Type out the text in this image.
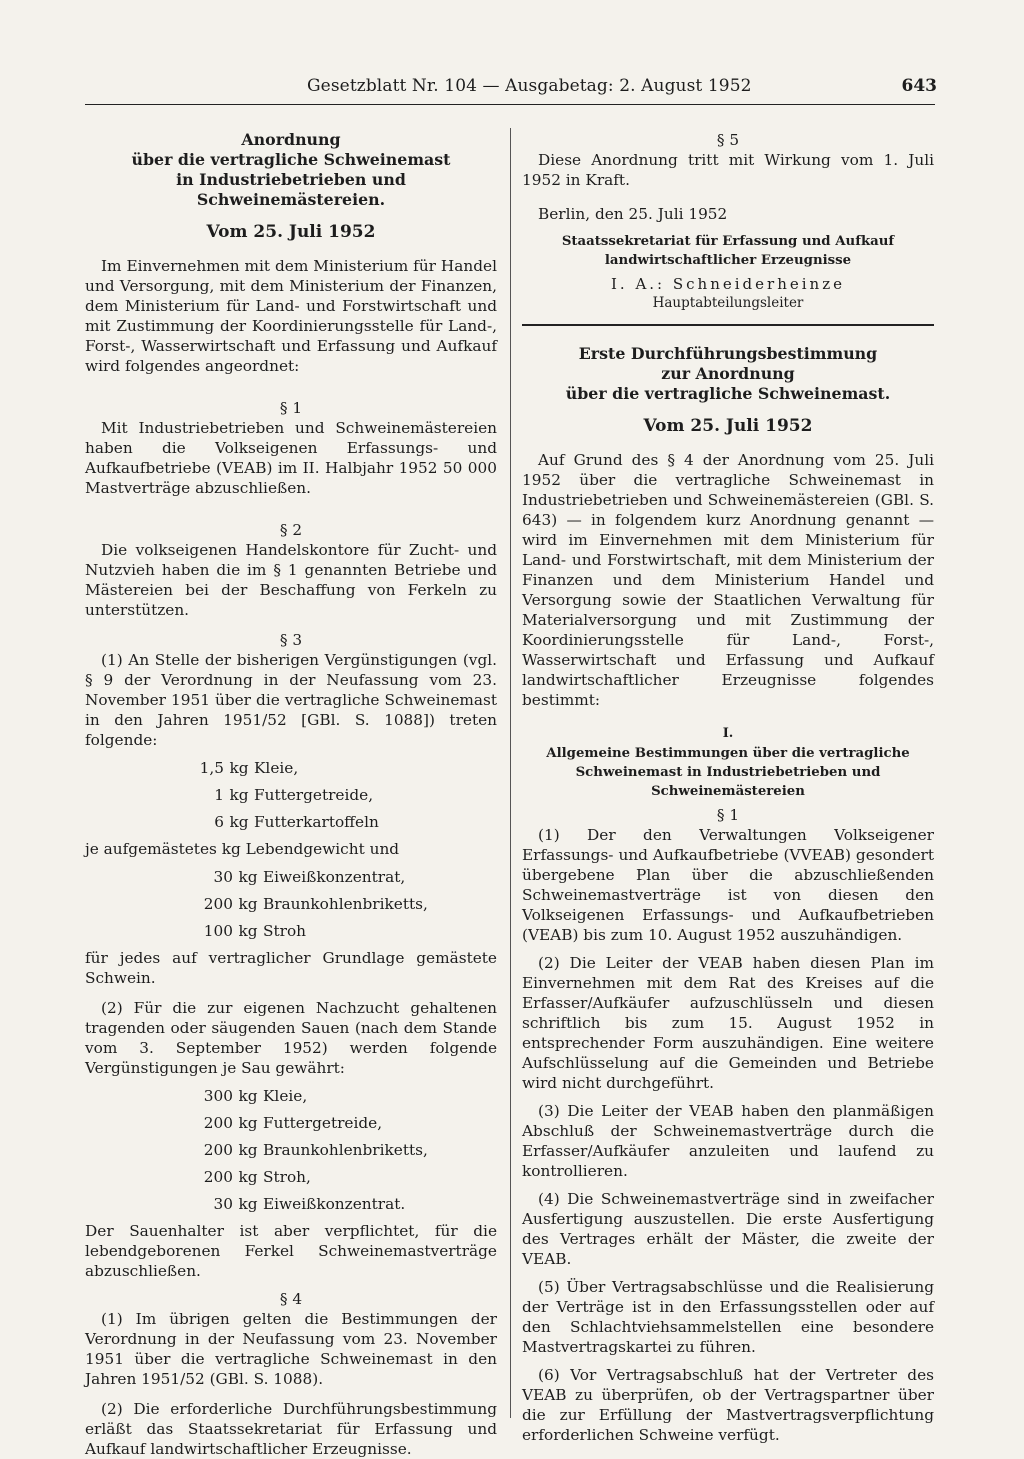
Gesetzblatt Nr. 104 — Ausgabetag: 2. August 1952	643
Anordnung
über die vertragliche Schweinemast
in Industriebetrieben und Schweinemästereien.
Vom 25. Juli 1952

Im Einvernehmen mit dem Ministerium für Handel und Versorgung, mit dem Ministerium der Finanzen, dem Ministerium für Land- und Forstwirtschaft und mit Zustimmung der Koordinierungsstelle für Land-, Forst-, Wasserwirtschaft und Erfassung und Aufkauf wird folgendes angeordnet:

§ 1

Mit Industriebetrieben und Schweinemästereien haben die Volkseigenen Erfassungs- und Aufkaufbetriebe (VEAB) im II. Halbjahr 1952 50 000 Mastverträge abzuschließen.

§ 2

Die volkseigenen Handelskontore für Zucht- und Nutzvieh haben die im § 1 genannten Betriebe und Mästereien bei der Beschaffung von Ferkeln zu unterstützen.

§ 3

(1) An Stelle der bisherigen Vergünstigungen (vgl. § 9 der Verordnung in der Neufassung vom 23. November 1951 über die vertragliche Schweinemast in den Jahren 1951/52 [GBl. S. 1088]) treten folgende:

1,5 kg Kleie,
1 kg Futtergetreide,
6 kg Futterkartoffeln

je aufgemästetes kg Lebendgewicht und

30 kg Eiweißkonzentrat,
200 kg Braunkohlenbriketts,
100 kg Stroh

für jedes auf vertraglicher Grundlage gemästete Schwein.

(2) Für die zur eigenen Nachzucht gehaltenen tragenden oder säugenden Sauen (nach dem Stande vom 3. September 1952) werden folgende Vergünstigungen je Sau gewährt:

300 kg Kleie,
200 kg Futtergetreide,
200 kg Braunkohlenbriketts,
200 kg Stroh,
30 kg Eiweißkonzentrat.

Der Sauenhalter ist aber verpflichtet, für die lebendgeborenen Ferkel Schweinemastverträge abzuschließen.

§ 4

(1) Im übrigen gelten die Bestimmungen der Verordnung in der Neufassung vom 23. November 1951 über die vertragliche Schweinemast in den Jahren 1951/52 (GBl. S. 1088).

(2) Die erforderliche Durchführungsbestimmung erläßt das Staatssekretariat für Erfassung und Aufkauf landwirtschaftlicher Erzeugnisse.

§ 5

Diese Anordnung tritt mit Wirkung vom 1. Juli 1952 in Kraft.

Berlin, den 25. Juli 1952

Staatssekretariat für Erfassung und Aufkauf
landwirtschaftlicher Erzeugnisse
I. A.: Schneiderheinze
Hauptabteilungsleiter
Erste Durchführungsbestimmung
zur Anordnung
über die vertragliche Schweinemast.
Vom 25. Juli 1952

Auf Grund des § 4 der Anordnung vom 25. Juli 1952 über die vertragliche Schweinemast in Industriebetrieben und Schweinemästereien (GBl. S. 643) — in folgendem kurz Anordnung genannt — wird im Einvernehmen mit dem Ministerium für Land- und Forstwirtschaft, mit dem Ministerium der Finanzen und dem Ministerium Handel und Versorgung sowie der Staatlichen Verwaltung für Materialversorgung und mit Zustimmung der Koordinierungsstelle für Land-, Forst-, Wasserwirtschaft und Erfassung und Aufkauf landwirtschaftlicher Erzeugnisse folgendes bestimmt:

I.
Allgemeine Bestimmungen über die vertragliche
Schweinemast in Industriebetrieben und
Schweinemästereien
§ 1

(1) Der den Verwaltungen Volkseigener Erfassungs- und Aufkaufbetriebe (VVEAB) gesondert übergebene Plan über die abzuschließenden Schweinemastverträge ist von diesen den Volkseigenen Erfassungs- und Aufkaufbetrieben (VEAB) bis zum 10. August 1952 auszuhändigen.

(2) Die Leiter der VEAB haben diesen Plan im Einvernehmen mit dem Rat des Kreises auf die Erfasser/Aufkäufer aufzuschlüsseln und diesen schriftlich bis zum 15. August 1952 in entsprechender Form auszuhändigen. Eine weitere Aufschlüsselung auf die Gemeinden und Betriebe wird nicht durchgeführt.

(3) Die Leiter der VEAB haben den planmäßigen Abschluß der Schweinemastverträge durch die Erfasser/Aufkäufer anzuleiten und laufend zu kontrollieren.

(4) Die Schweinemastverträge sind in zweifacher Ausfertigung auszustellen. Die erste Ausfertigung des Vertrages erhält der Mäster, die zweite der VEAB.

(5) Über Vertragsabschlüsse und die Realisierung der Verträge ist in den Erfassungsstellen oder auf den Schlachtviehsammelstellen eine besondere Mastvertragskartei zu führen.

(6) Vor Vertragsabschluß hat der Vertreter des VEAB zu überprüfen, ob der Vertragspartner über die zur Erfüllung der Mastvertragsverpflichtung erforderlichen Schweine verfügt.
